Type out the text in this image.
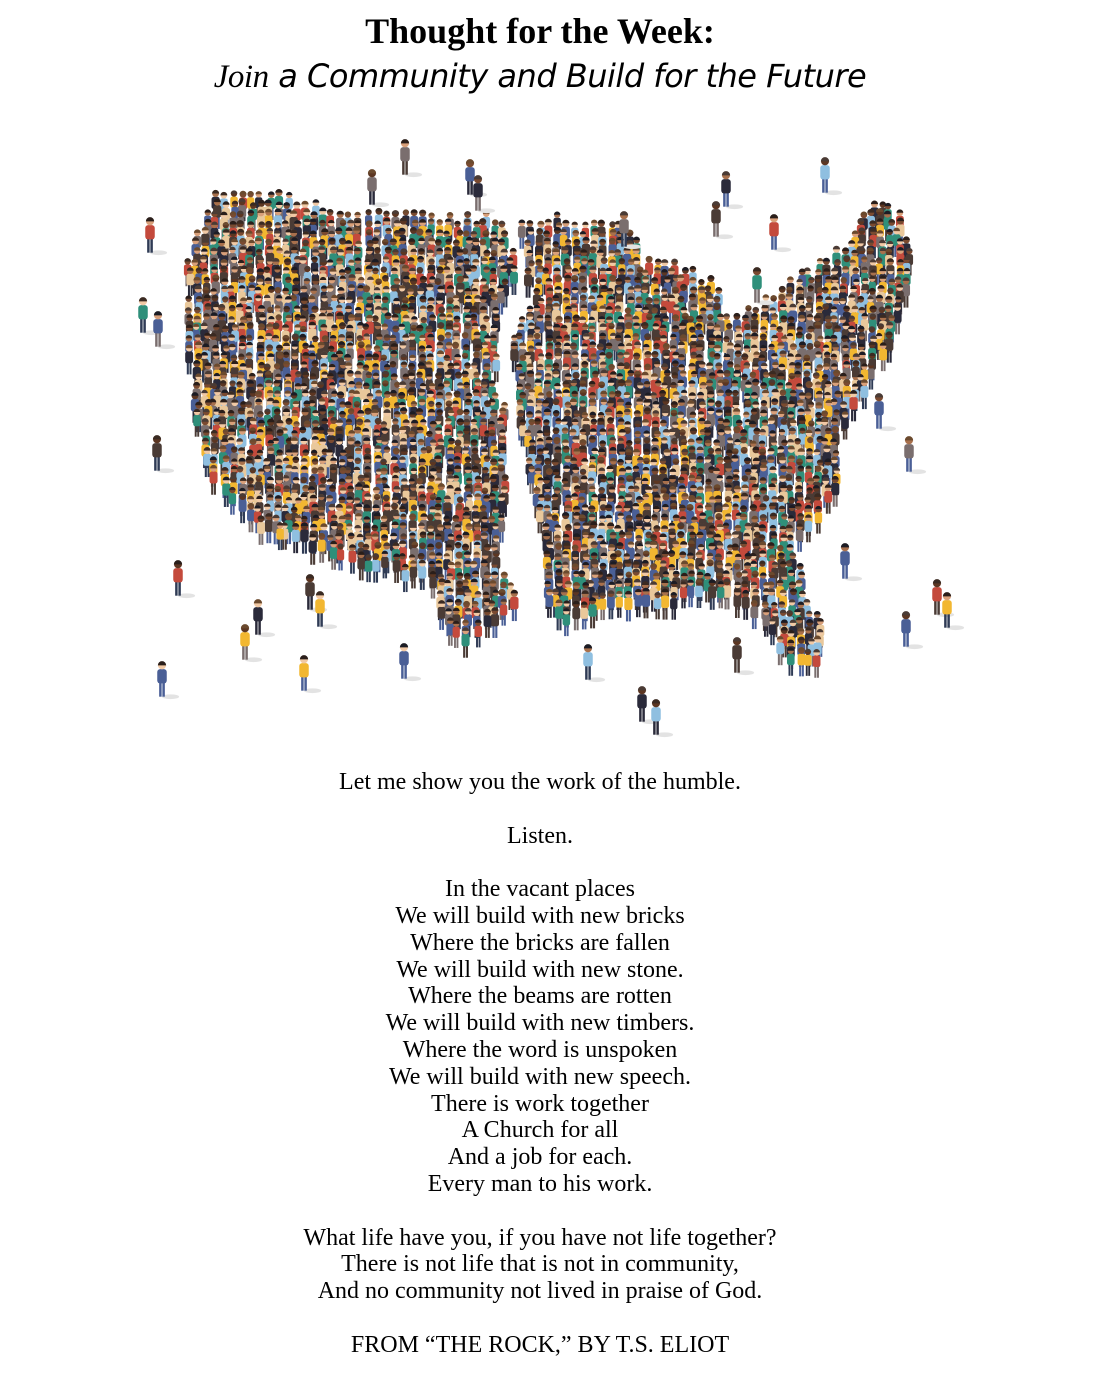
Thought for the Week:
Join a Community and Build for the Future
Let me show you the work of the humble.
Listen.
In the vacant places
We will build with new bricks
Where the bricks are fallen
We will build with new stone.
Where the beams are rotten
We will build with new timbers.
Where the word is unspoken
We will build with new speech.
There is work together
A Church for all
And a job for each.
Every man to his work.
What life have you, if you have not life together?
There is not life that is not in community,
And no community not lived in praise of God.
FROM “THE ROCK,” BY T.S. ELIOT
